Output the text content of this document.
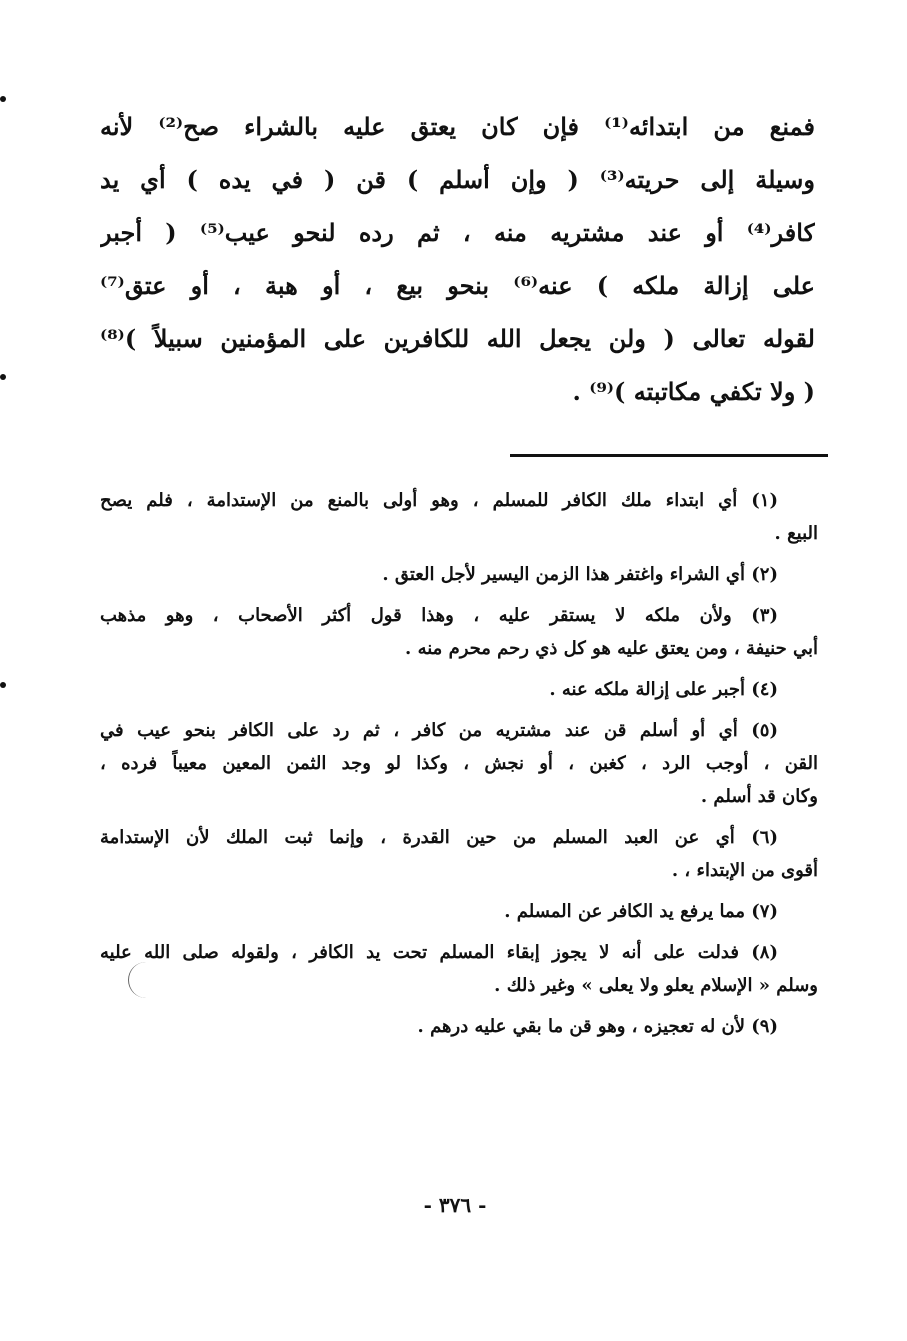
فمنع من ابتدائه⁽¹⁾ فإن كان يعتق عليه بالشراء صح⁽²⁾ لأنه
وسيلة إلى حريته⁽³⁾ ( وإن أسلم ) قن ( في يده ) أي يد
كافر⁽⁴⁾ أو عند مشتريه منه ، ثم رده لنحو عيب⁽⁵⁾ ( أجبر
على إزالة ملكه ) عنه⁽⁶⁾ بنحو بيع ، أو هبة ، أو عتق⁽⁷⁾
لقوله تعالى ( ولن يجعل الله للكافرين على المؤمنين سبيلاً )⁽⁸⁾
( ولا تكفي مكاتبته )⁽⁹⁾ .
(١) أي ابتداء ملك الكافر للمسلم ، وهو أولى بالمنع من الإستدامة ، فلم يصح
البيع .
(٢) أي الشراء واغتفر هذا الزمن اليسير لأجل العتق .
(٣) ولأن ملكه لا يستقر عليه ، وهذا قول أكثر الأصحاب ، وهو مذهب
أبي حنيفة ، ومن يعتق عليه هو كل ذي رحم محرم منه .
(٤) أجبر على إزالة ملكه عنه .
(٥) أي أو أسلم قن عند مشتريه من كافر ، ثم رد على الكافر بنحو عيب في
القن ، أوجب الرد ، كغبن ، أو نجش ، وكذا لو وجد الثمن المعين معيباً فرده ،
وكان قد أسلم .
(٦) أي عن العبد المسلم من حين القدرة ، وإنما ثبت الملك لأن الإستدامة
أقوى من الإبتداء ، .
(٧) مما يرفع يد الكافر عن المسلم .
(٨) فدلت على أنه لا يجوز إبقاء المسلم تحت يد الكافر ، ولقوله صلى الله عليه
وسلم « الإسلام يعلو ولا يعلى » وغير ذلك .
(٩) لأن له تعجيزه ، وهو قن ما بقي عليه درهم .
- ٣٧٦ -
